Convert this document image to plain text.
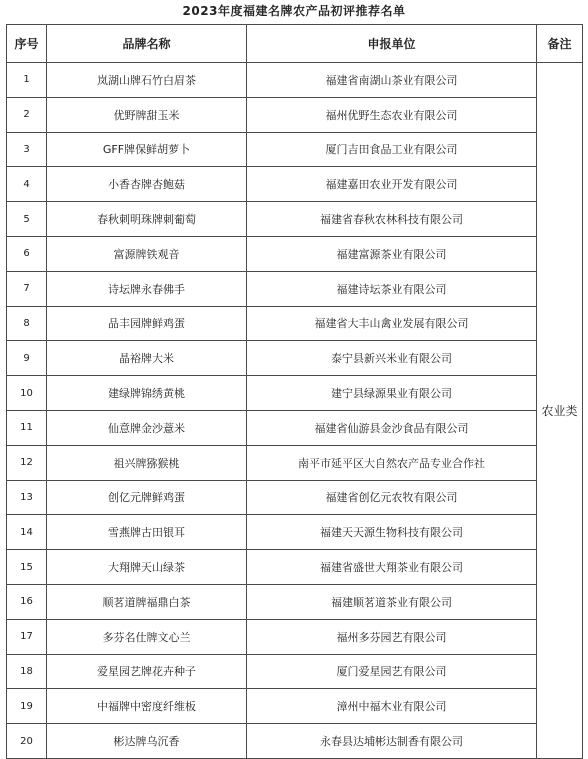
2023年度福建名牌农产品初评推荐名单
序号	品牌名称	申报单位	备注
1	岚湖山牌石竹白眉茶	福建省南湖山茶业有限公司	农业类
2	优野牌甜玉米	福州优野生态农业有限公司	
3	GFF牌保鲜胡萝卜	厦门吉田食品工业有限公司	
4	小香杏牌杏鲍菇	福建嘉田农业开发有限公司	
5	春秋刺明珠牌刺葡萄	福建省春秋农林科技有限公司	
6	富源牌铁观音	福建富源茶业有限公司	
7	诗坛牌永春佛手	福建诗坛茶业有限公司	
8	品丰园牌鲜鸡蛋	福建省大丰山禽业发展有限公司	
9	晶裕牌大米	泰宁县新兴米业有限公司	
10	建绿牌锦绣黄桃	建宁县绿源果业有限公司	
11	仙意牌金沙薏米	福建省仙游县金沙食品有限公司	
12	祖兴牌猕猴桃	南平市延平区大自然农产品专业合作社	
13	创亿元牌鲜鸡蛋	福建省创亿元农牧有限公司	
14	雪燕牌古田银耳	福建天天源生物科技有限公司	
15	大翔牌天山绿茶	福建省盛世大翔茶业有限公司	
16	顺茗道牌福鼎白茶	福建顺茗道茶业有限公司	
17	多芬名仕牌文心兰	福州多芬园艺有限公司	
18	爱星园艺牌花卉种子	厦门爱星园艺有限公司	
19	中福牌中密度纤维板	漳州中福木业有限公司	
20	彬达牌乌沉香	永春县达埔彬达制香有限公司	
